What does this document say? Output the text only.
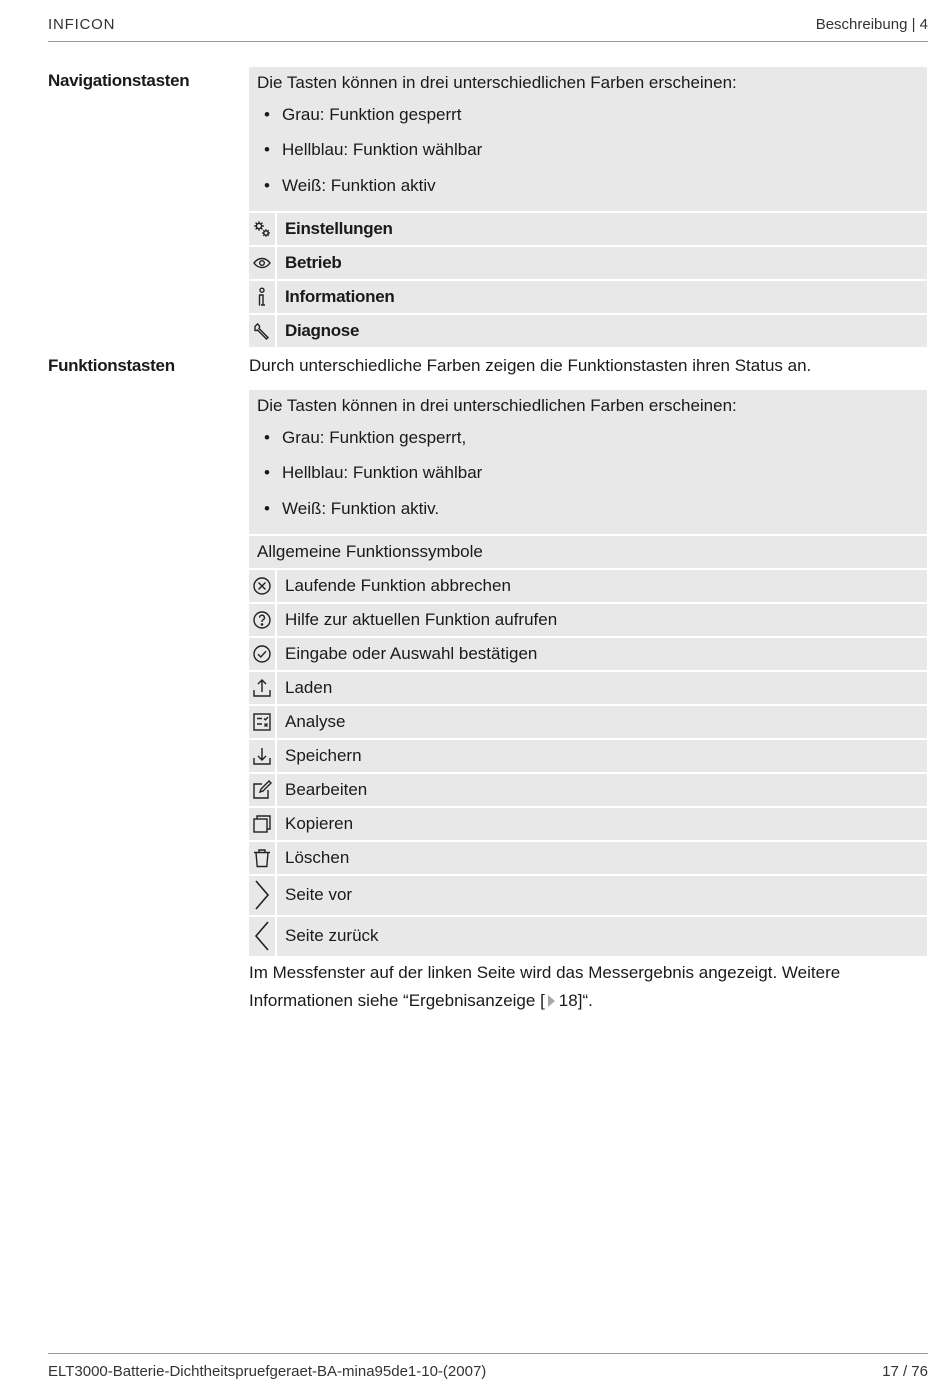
INFICON	Beschreibung | 4
Navigationstasten	Die Tasten können in drei unterschiedlichen Farben erscheinen:
• Grau: Funktion gesperrt
• Hellblau: Funktion wählbar
• Weiß: Funktion aktiv
Einstellungen
Betrieb
Informationen
Diagnose
Funktionstasten	Durch unterschiedliche Farben zeigen die Funktionstasten ihren Status an.
Die Tasten können in drei unterschiedlichen Farben erscheinen:
• Grau: Funktion gesperrt,
• Hellblau: Funktion wählbar
• Weiß: Funktion aktiv.
Allgemeine Funktionssymbole
Laufende Funktion abbrechen
Hilfe zur aktuellen Funktion aufrufen
Eingabe oder Auswahl bestätigen
Laden
Analyse
Speichern
Bearbeiten
Kopieren
Löschen
Seite vor
Seite zurück
Im Messfenster auf der linken Seite wird das Messergebnis angezeigt. Weitere
Informationen siehe “Ergebnisanzeige [ 18]“.
ELT3000-Batterie-Dichtheitspruefgeraet-BA-mina95de1-10-(2007)	17 / 76
